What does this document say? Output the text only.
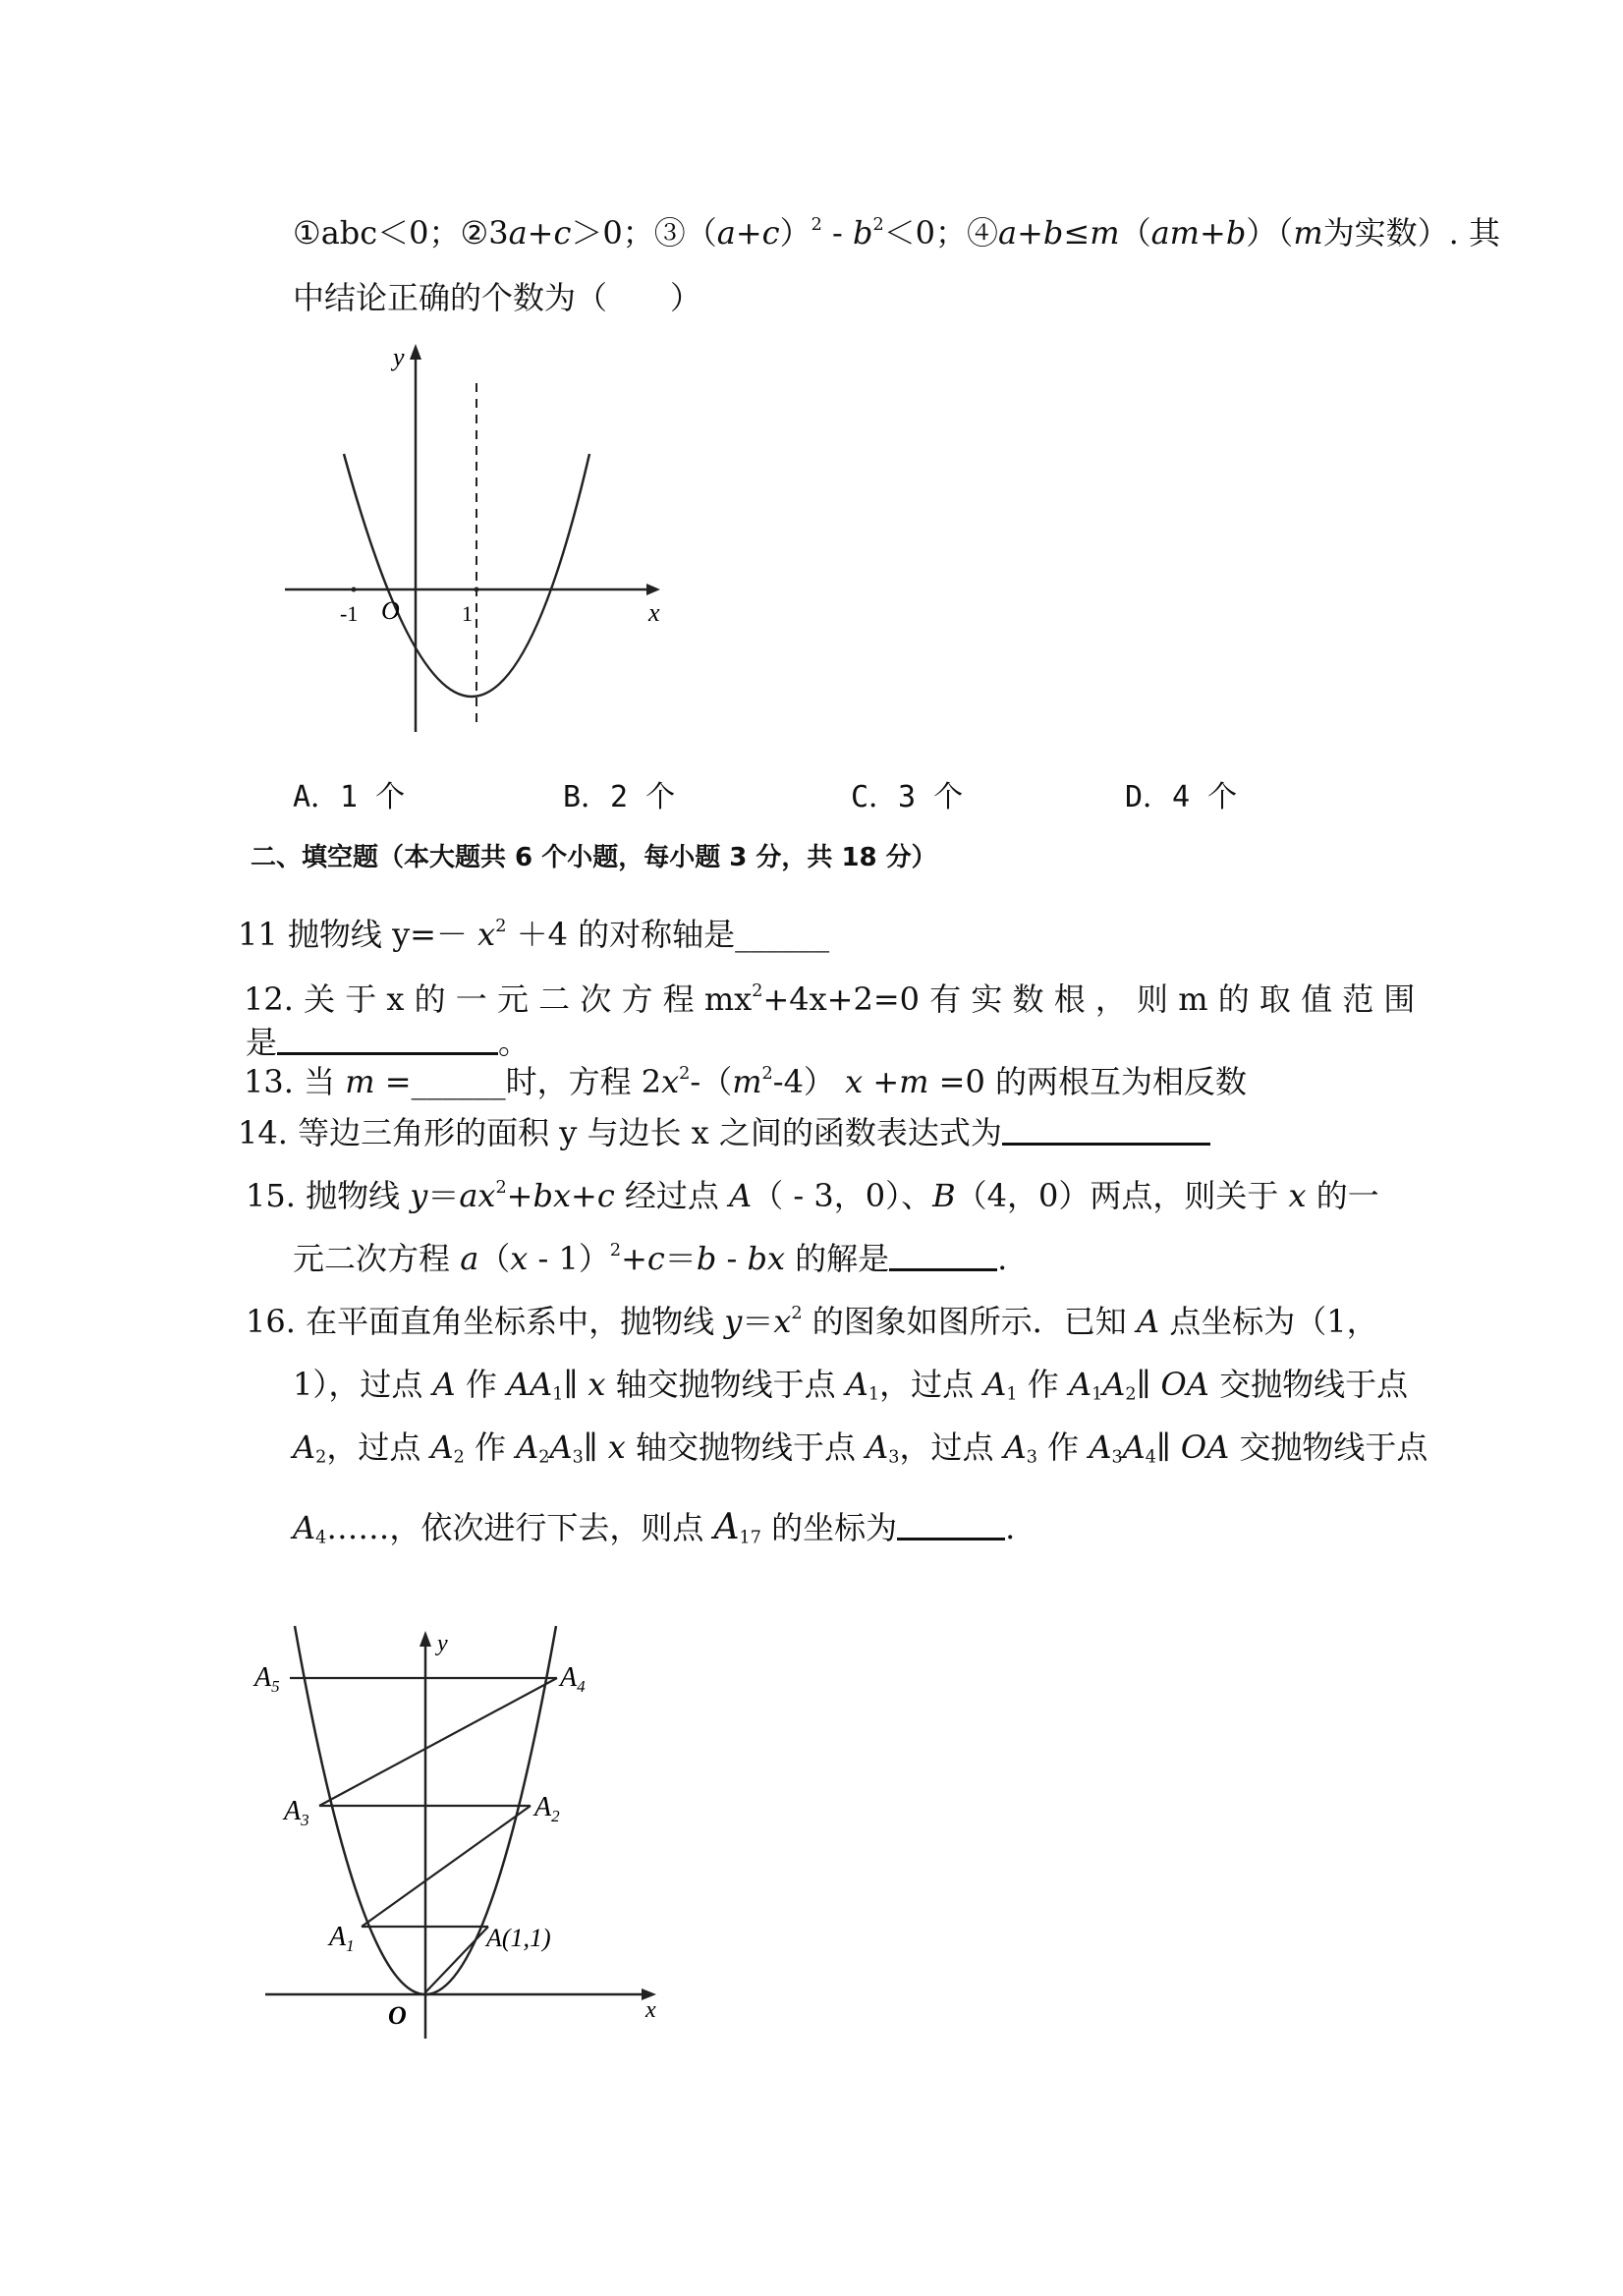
①abc＜0；②3a+c＞0；$③(a+c)^2 - b^2<0$；④a+b≤m（am+b）（m为实数）. 其
中结论正确的个数为（　　）
y
x
O
-1	1
A．1 个	B．2 个	C．3 个	D．4 个
二、填空题（本大题共 6 个小题，每小题 3 分，共 18 分）
11 抛物线 $y=- x^2 +4$ 的对称轴是______
12. 关 于 x 的 一 元 二 次 方 程 $mx^2+4x+2=0$ 有 实 数 根 ， 则 m 的 取 值 范 围
是	。
13. 当 m =______时，方程 $2x^2-(m^2-4)$ x +m =0 的两根互为相反数
14. 等边三角形的面积 y 与边长 x 之间的函数表达式为
15. 抛物线 $y=ax^2+bx+c$ 经过点 A（ - 3，0）、B（4，0）两点，则关于 x 的一
元二次方程 a（x - 1）$^2$+c＝b - bx 的解是	.
16. 在平面直角坐标系中，抛物线 $y=x^2$ 的图象如图所示．已知 A 点坐标为（1，
1），过点 A 作 $AA_1\parallel$ x 轴交抛物线于点 $A_1$，过点 $A_1$ 作 $A_1A_2\parallel$ OA 交抛物线于点
$A_2$，过点 $A_2$ 作 $A_2A_3\parallel$ x 轴交抛物线于点 $A_3$，过点 $A_3$ 作 $A_3A_4\parallel$ OA 交抛物线于点
$A_4\dots\dots$，依次进行下去，则点 $A_{17}$ 的坐标为	.
y
x
O
A(1,1)
$A_1$
$A_2$
$A_3$
$A_4$
$A_5$
